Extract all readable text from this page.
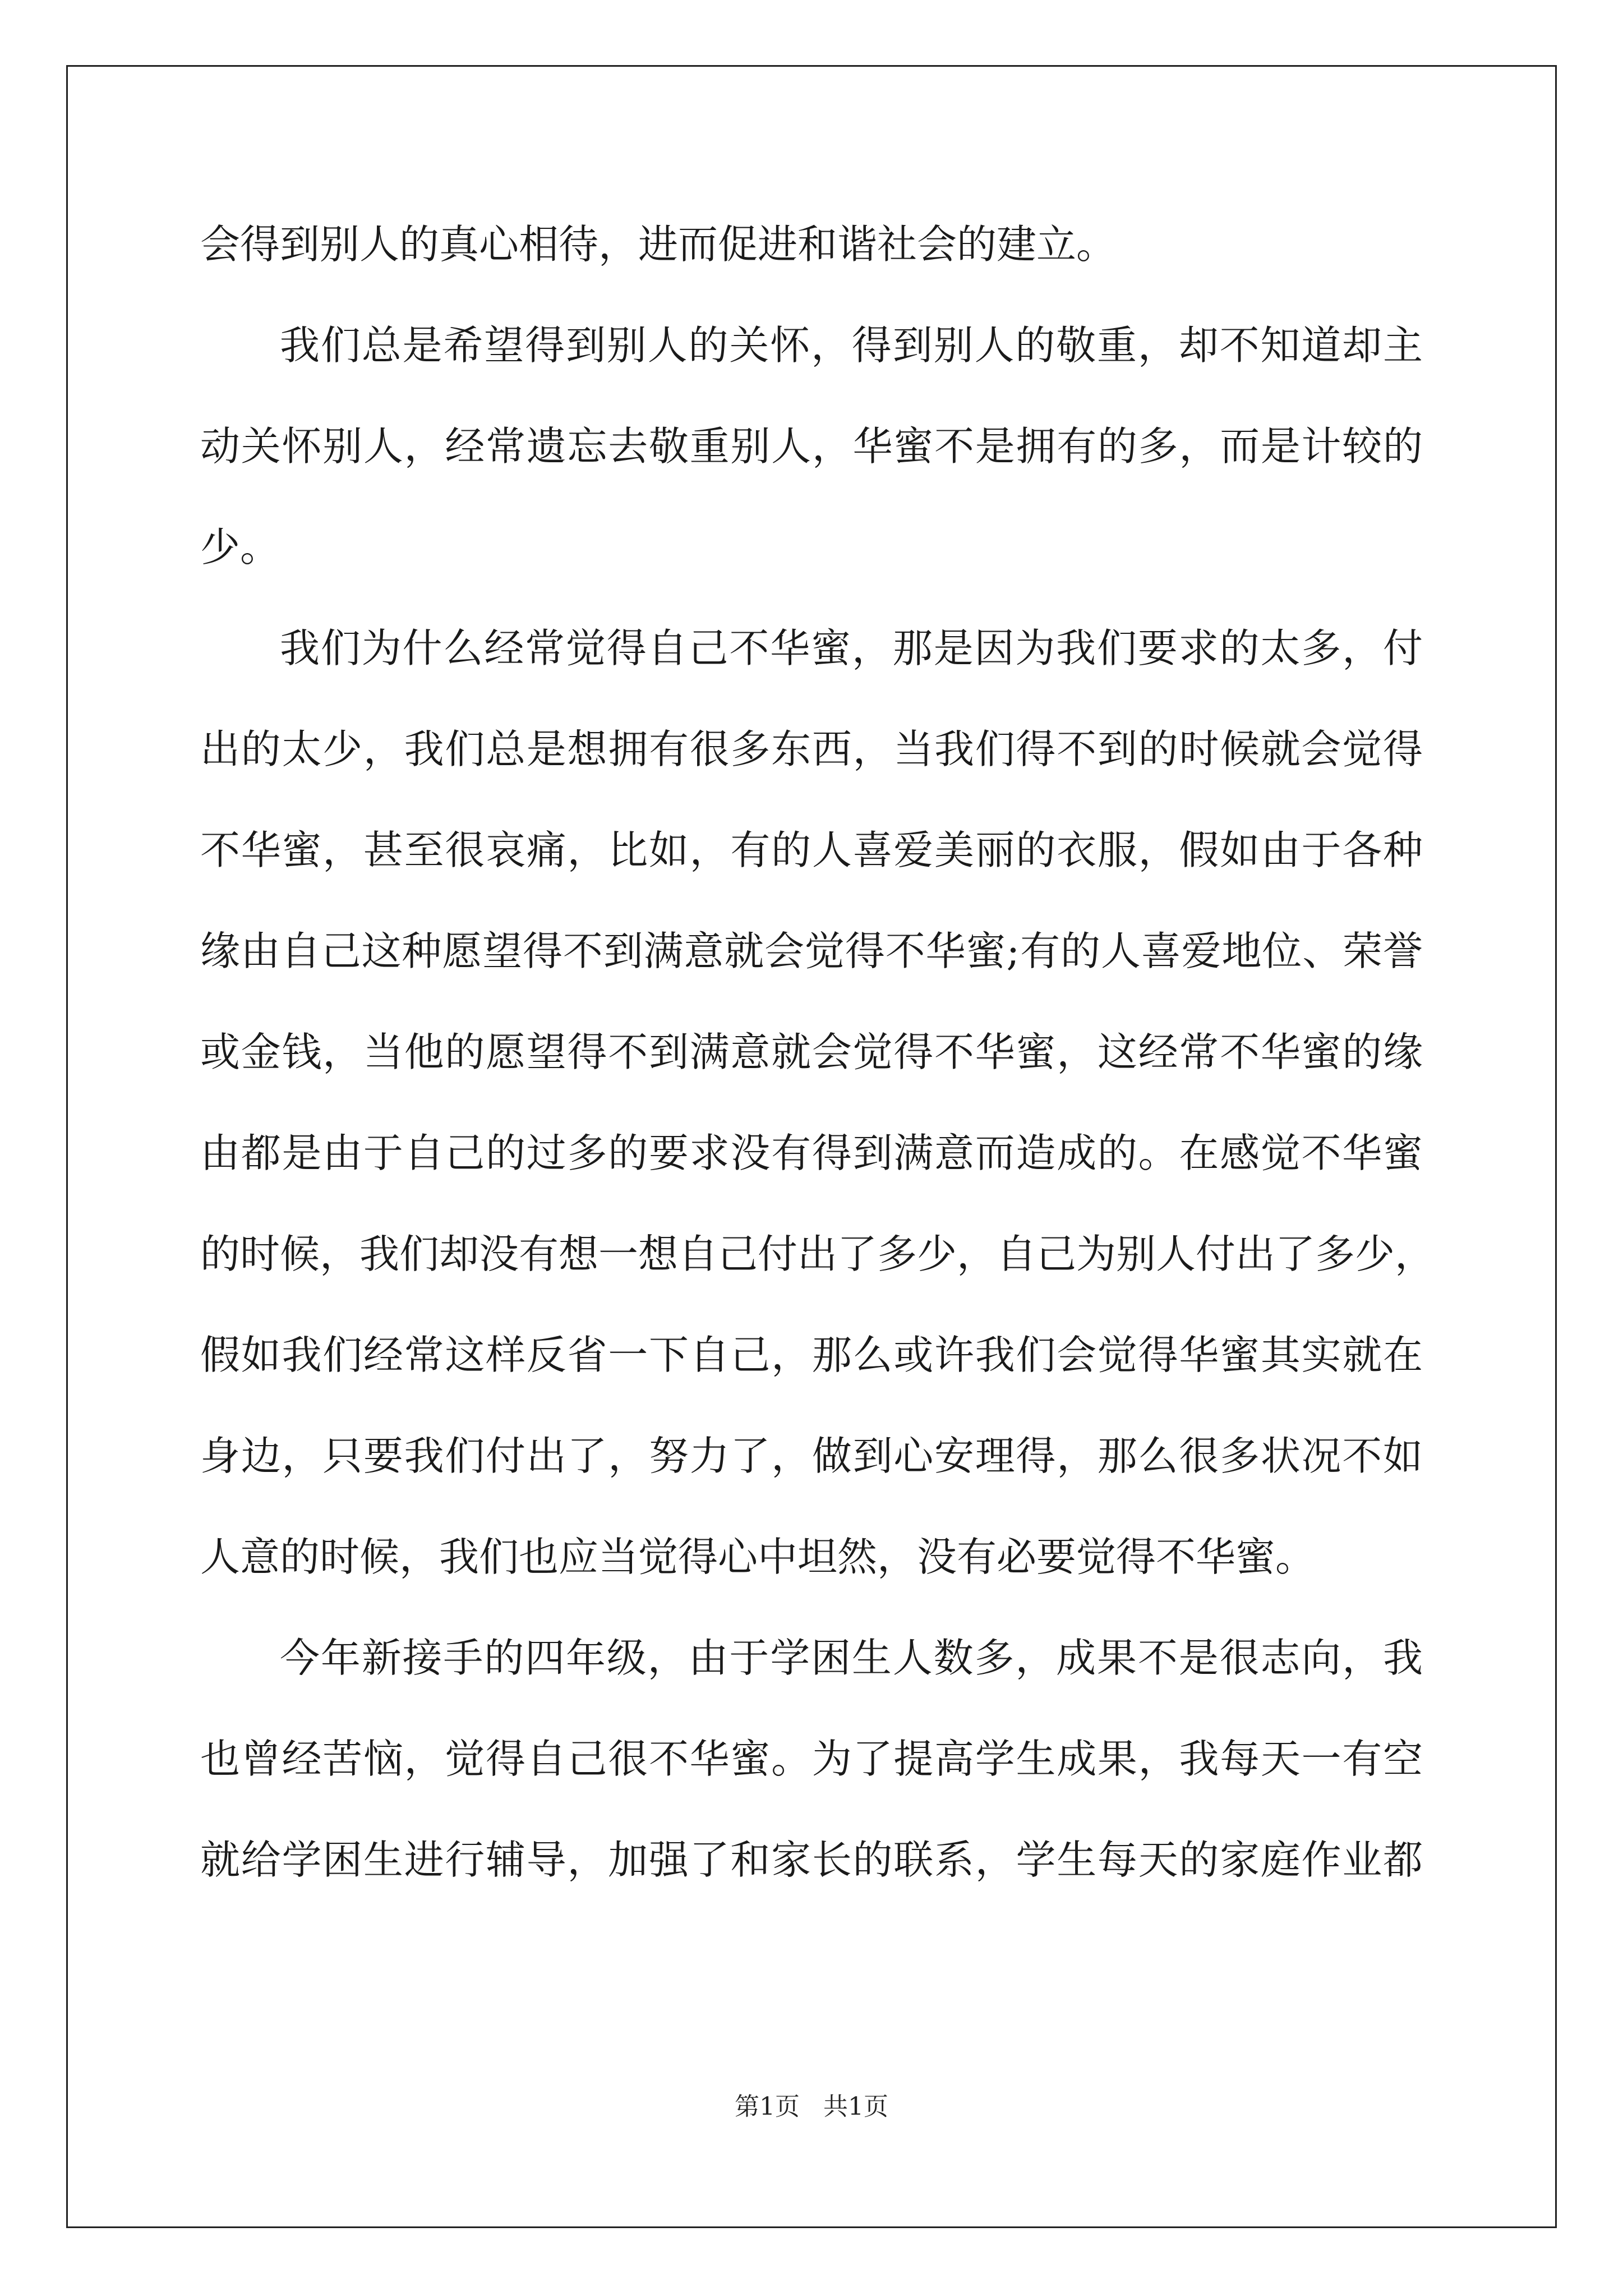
会得到别人的真心相待，进而促进和谐社会的建立。
我们总是希望得到别人的关怀，得到别人的敬重，却不知道却主
动关怀别人，经常遗忘去敬重别人，华蜜不是拥有的多，而是计较的
少。
我们为什么经常觉得自己不华蜜，那是因为我们要求的太多，付
出的太少，我们总是想拥有很多东西，当我们得不到的时候就会觉得
不华蜜，甚至很哀痛，比如，有的人喜爱美丽的衣服，假如由于各种
缘由自己这种愿望得不到满意就会觉得不华蜜;有的人喜爱地位、荣誉
或金钱，当他的愿望得不到满意就会觉得不华蜜，这经常不华蜜的缘
由都是由于自己的过多的要求没有得到满意而造成的。在感觉不华蜜
的时候，我们却没有想一想自己付出了多少，自己为别人付出了多少，
假如我们经常这样反省一下自己，那么或许我们会觉得华蜜其实就在
身边，只要我们付出了，努力了，做到心安理得，那么很多状况不如
人意的时候，我们也应当觉得心中坦然，没有必要觉得不华蜜。
今年新接手的四年级，由于学困生人数多，成果不是很志向，我
也曾经苦恼，觉得自己很不华蜜。为了提高学生成果，我每天一有空
就给学困生进行辅导，加强了和家长的联系，学生每天的家庭作业都
第1页 共1页
